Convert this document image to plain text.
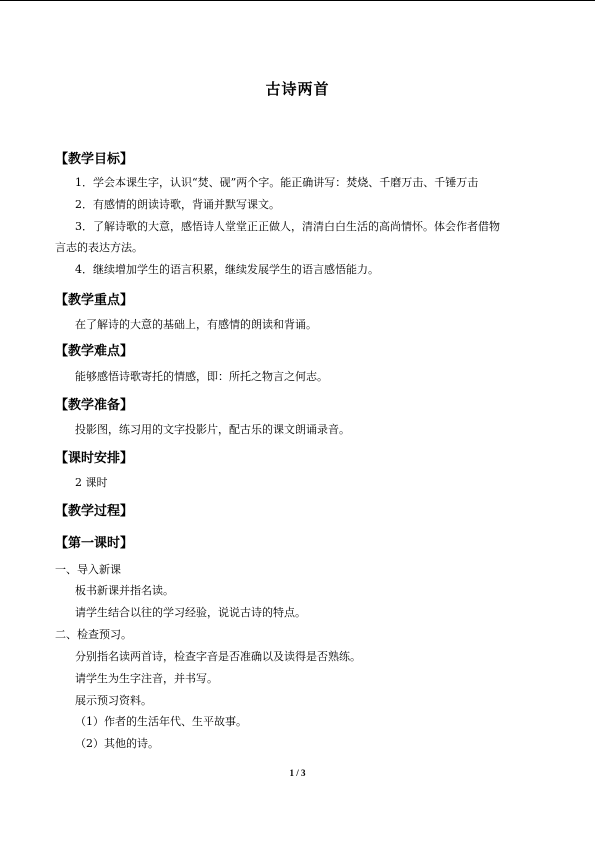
古诗两首
【教学目标】
1．学会本课生字，认识“焚、砚”两个字。能正确讲写：焚烧、千磨万击、千锤万击
2．有感情的朗读诗歌，背诵并默写课文。
3．了解诗歌的大意，感悟诗人堂堂正正做人，清清白白生活的高尚情怀。体会作者借物
言志的表达方法。
4．继续增加学生的语言积累，继续发展学生的语言感悟能力。
【教学重点】
在了解诗的大意的基础上，有感情的朗读和背诵。
【教学难点】
能够感悟诗歌寄托的情感，即：所托之物言之何志。
【教学准备】
投影图，练习用的文字投影片，配古乐的课文朗诵录音。
【课时安排】
2 课时
【教学过程】
【第一课时】
一、导入新课
板书新课并指名读。
请学生结合以往的学习经验，说说古诗的特点。
二、检查预习。
分别指名读两首诗，检查字音是否准确以及读得是否熟练。
请学生为生字注音，并书写。
展示预习资料。
（1）作者的生活年代、生平故事。
（2）其他的诗。
1 / 3
